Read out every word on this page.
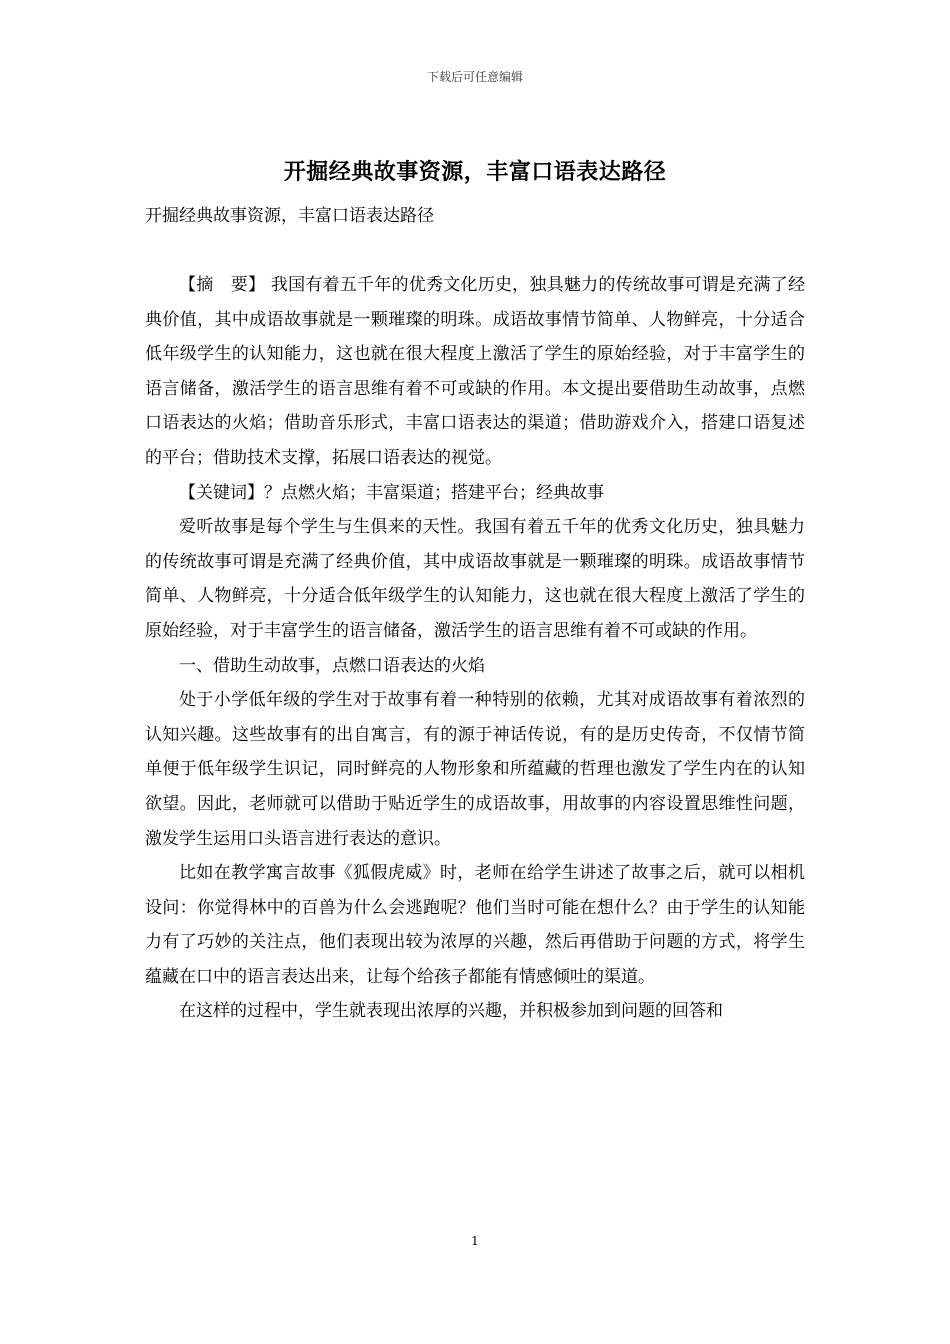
下载后可任意编辑
开掘经典故事资源，丰富口语表达路径
开掘经典故事资源，丰富口语表达路径

【摘　要】 我国有着五千年的优秀文化历史，独具魅力的传统故事可谓是充满了经典价值，其中成语故事就是一颗璀璨的明珠。成语故事情节简单、人物鲜亮，十分适合低年级学生的认知能力，这也就在很大程度上激活了学生的原始经验，对于丰富学生的语言储备，激活学生的语言思维有着不可或缺的作用。本文提出要借助生动故事，点燃口语表达的火焰；借助音乐形式，丰富口语表达的渠道；借助游戏介入，搭建口语复述的平台；借助技术支撑，拓展口语表达的视觉。

【关键词】？点燃火焰；丰富渠道；搭建平台；经典故事

爱听故事是每个学生与生俱来的天性。我国有着五千年的优秀文化历史，独具魅力的传统故事可谓是充满了经典价值，其中成语故事就是一颗璀璨的明珠。成语故事情节简单、人物鲜亮，十分适合低年级学生的认知能力，这也就在很大程度上激活了学生的原始经验，对于丰富学生的语言储备，激活学生的语言思维有着不可或缺的作用。

一、借助生动故事，点燃口语表达的火焰

处于小学低年级的学生对于故事有着一种特别的依赖，尤其对成语故事有着浓烈的认知兴趣。这些故事有的出自寓言，有的源于神话传说，有的是历史传奇，不仅情节简单便于低年级学生识记，同时鲜亮的人物形象和所蕴藏的哲理也激发了学生内在的认知欲望。因此，老师就可以借助于贴近学生的成语故事，用故事的内容设置思维性问题，激发学生运用口头语言进行表达的意识。

比如在教学寓言故事《狐假虎威》时，老师在给学生讲述了故事之后，就可以相机设问：你觉得林中的百兽为什么会逃跑呢？他们当时可能在想什么？由于学生的认知能力有了巧妙的关注点，他们表现出较为浓厚的兴趣，然后再借助于问题的方式，将学生蕴藏在口中的语言表达出来，让每个给孩子都能有情感倾吐的渠道。

在这样的过程中，学生就表现出浓厚的兴趣，并积极参加到问题的回答和

1
